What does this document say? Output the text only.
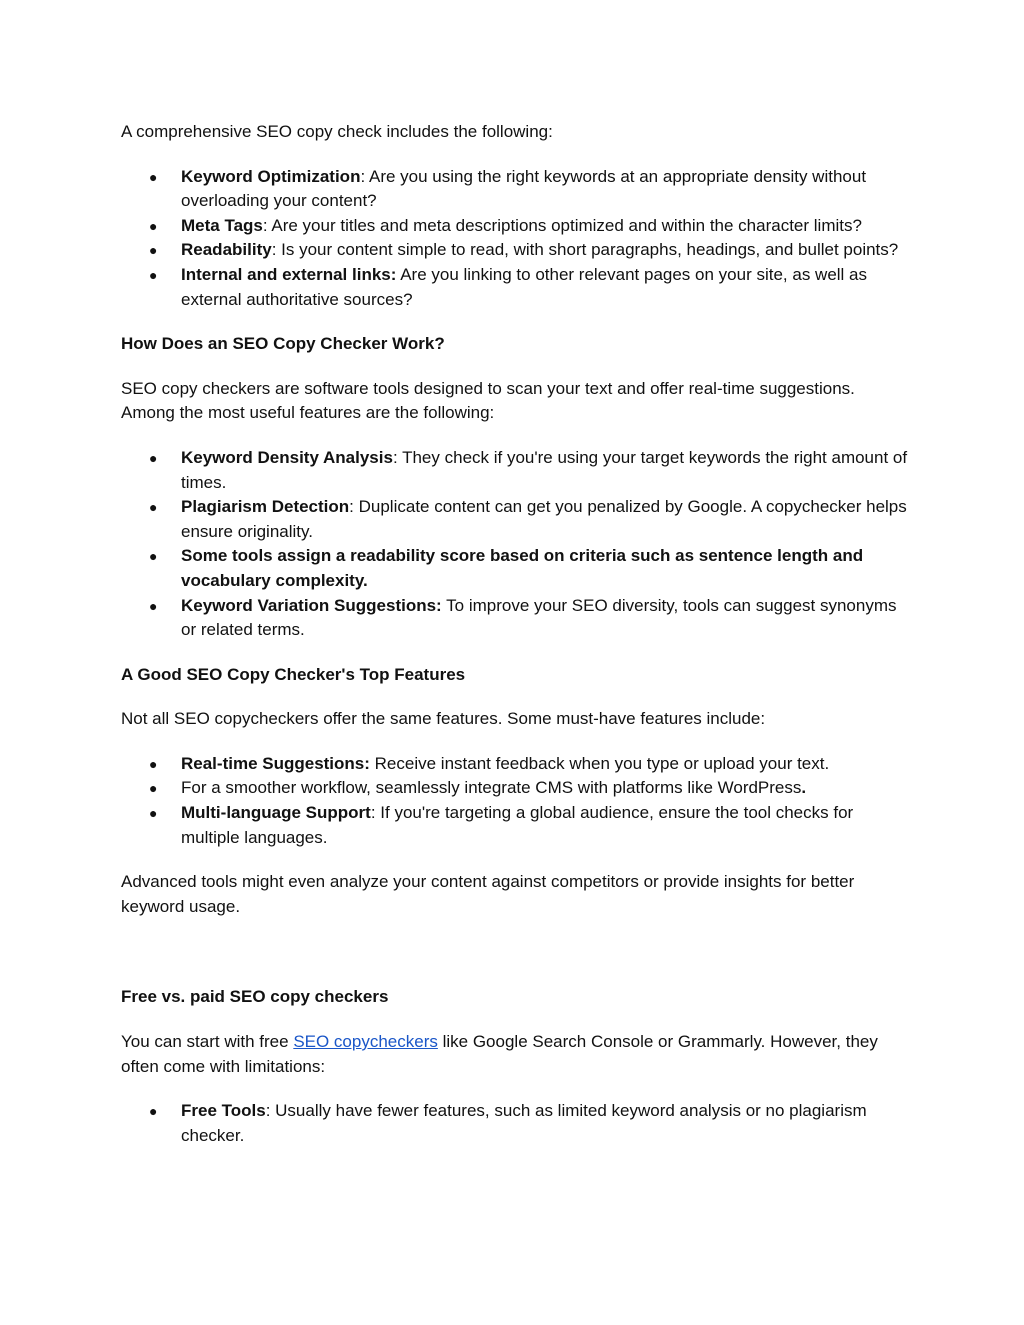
A comprehensive SEO copy check includes the following:

● Keyword Optimization: Are you using the right keywords at an appropriate density without overloading your content?
● Meta Tags: Are your titles and meta descriptions optimized and within the character limits?
● Readability: Is your content simple to read, with short paragraphs, headings, and bullet points?
● Internal and external links: Are you linking to other relevant pages on your site, as well as external authoritative sources?

How Does an SEO Copy Checker Work?

SEO copy checkers are software tools designed to scan your text and offer real-time suggestions. Among the most useful features are the following:

● Keyword Density Analysis: They check if you're using your target keywords the right amount of times.
● Plagiarism Detection: Duplicate content can get you penalized by Google. A copychecker helps ensure originality.
● Some tools assign a readability score based on criteria such as sentence length and vocabulary complexity.
● Keyword Variation Suggestions: To improve your SEO diversity, tools can suggest synonyms or related terms.

A Good SEO Copy Checker's Top Features

Not all SEO copycheckers offer the same features. Some must-have features include:

● Real-time Suggestions: Receive instant feedback when you type or upload your text.
● For a smoother workflow, seamlessly integrate CMS with platforms like WordPress.
● Multi-language Support: If you're targeting a global audience, ensure the tool checks for multiple languages.

Advanced tools might even analyze your content against competitors or provide insights for better keyword usage.

Free vs. paid SEO copy checkers

You can start with free SEO copycheckers like Google Search Console or Grammarly. However, they often come with limitations:

● Free Tools: Usually have fewer features, such as limited keyword analysis or no plagiarism checker.
